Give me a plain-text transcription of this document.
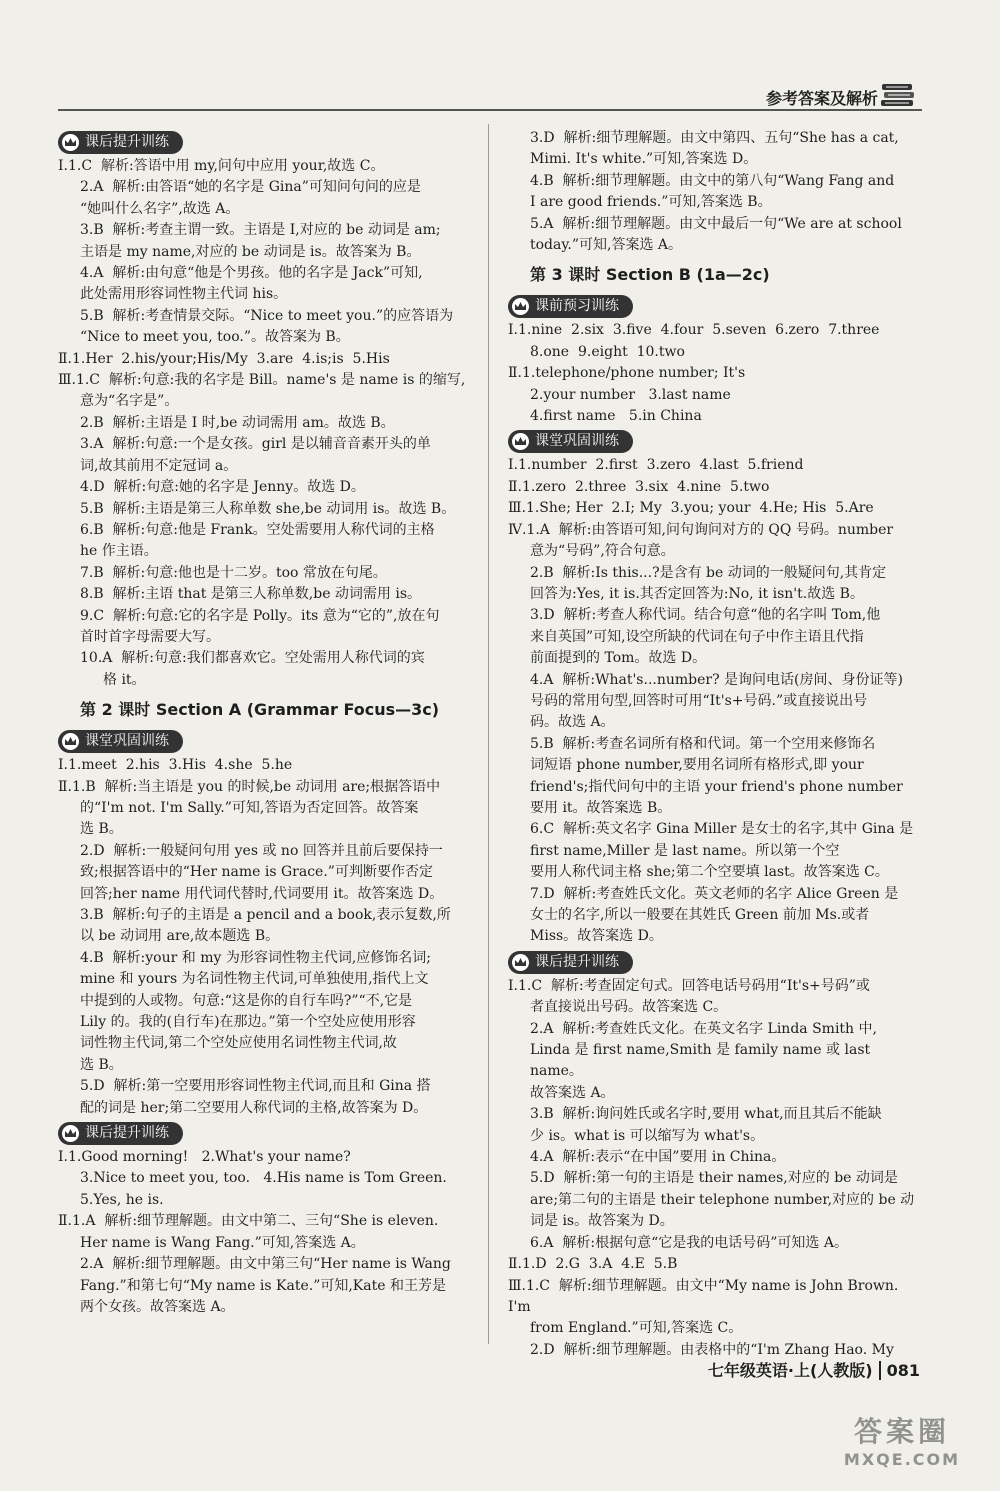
参考答案及解析
课后提升训练

Ⅰ.1.C  解析:答语中用 my,问句中应用 your,故选 C。

2.A  解析:由答语“她的名字是 Gina”可知问句问的应是

“她叫什么名字”,故选 A。

3.B  解析:考查主谓一致。主语是 I,对应的 be 动词是 am;

主语是 my name,对应的 be 动词是 is。故答案为 B。

4.A  解析:由句意“他是个男孩。他的名字是 Jack”可知,

此处需用形容词性物主代词 his。

5.B  解析:考查情景交际。“Nice to meet you.”的应答语为

“Nice to meet you, too.”。故答案为 B。

Ⅱ.1.Her  2.his/your;His/My  3.are  4.is;is  5.His

Ⅲ.1.C  解析:句意:我的名字是 Bill。name's 是 name is 的缩写,

意为“名字是”。

2.B  解析:主语是 I 时,be 动词需用 am。故选 B。

3.A  解析:句意:一个是女孩。girl 是以辅音音素开头的单

词,故其前用不定冠词 a。

4.D  解析:句意:她的名字是 Jenny。故选 D。

5.B  解析:主语是第三人称单数 she,be 动词用 is。故选 B。

6.B  解析:句意:他是 Frank。空处需要用人称代词的主格

he 作主语。

7.B  解析:句意:他也是十二岁。too 常放在句尾。

8.B  解析:主语 that 是第三人称单数,be 动词需用 is。

9.C  解析:句意:它的名字是 Polly。its 意为“它的”,放在句

首时首字母需要大写。

10.A  解析:句意:我们都喜欢它。空处需用人称代词的宾

格 it。

第 2 课时 Section A (Grammar Focus—3c)
课堂巩固训练

Ⅰ.1.meet  2.his  3.His  4.she  5.he

Ⅱ.1.B  解析:当主语是 you 的时候,be 动词用 are;根据答语中

的“I'm not. I'm Sally.”可知,答语为否定回答。故答案

选 B。

2.D  解析:一般疑问句用 yes 或 no 回答并且前后要保持一

致;根据答语中的“Her name is Grace.”可判断要作否定

回答;her name 用代词代替时,代词要用 it。故答案选 D。

3.B  解析:句子的主语是 a pencil and a book,表示复数,所

以 be 动词用 are,故本题选 B。

4.B  解析:your 和 my 为形容词性物主代词,应修饰名词;

mine 和 yours 为名词性物主代词,可单独使用,指代上文

中提到的人或物。句意:“这是你的自行车吗?”“不,它是

Lily 的。我的(自行车)在那边。”第一个空处应使用形容

词性物主代词,第二个空处应使用名词性物主代词,故

选 B。

5.D  解析:第一空要用形容词性物主代词,而且和 Gina 搭

配的词是 her;第二空要用人称代词的主格,故答案为 D。

课后提升训练

Ⅰ.1.Good morning!   2.What's your name?

3.Nice to meet you, too.   4.His name is Tom Green.

5.Yes, he is.

Ⅱ.1.A  解析:细节理解题。由文中第二、三句“She is eleven.

Her name is Wang Fang.”可知,答案选 A。

2.A  解析:细节理解题。由文中第三句“Her name is Wang

Fang.”和第七句“My name is Kate.”可知,Kate 和王芳是

两个女孩。故答案选 A。

3.D  解析:细节理解题。由文中第四、五句“She has a cat,

Mimi. It's white.”可知,答案选 D。

4.B  解析:细节理解题。由文中的第八句“Wang Fang and

I are good friends.”可知,答案选 B。

5.A  解析:细节理解题。由文中最后一句“We are at school

today.”可知,答案选 A。

第 3 课时 Section B (1a—2c)
课前预习训练

Ⅰ.1.nine  2.six  3.five  4.four  5.seven  6.zero  7.three

8.one  9.eight  10.two

Ⅱ.1.telephone/phone number; It's

2.your number   3.last name

4.first name   5.in China

课堂巩固训练

Ⅰ.1.number  2.first  3.zero  4.last  5.friend

Ⅱ.1.zero  2.three  3.six  4.nine  5.two

Ⅲ.1.She; Her  2.I; My  3.you; your  4.He; His  5.Are

Ⅳ.1.A  解析:由答语可知,问句询问对方的 QQ 号码。number

意为“号码”,符合句意。

2.B  解析:Is this...?是含有 be 动词的一般疑问句,其肯定

回答为:Yes, it is.其否定回答为:No, it isn't.故选 B。

3.D  解析:考查人称代词。结合句意“他的名字叫 Tom,他

来自英国”可知,设空所缺的代词在句子中作主语且代指

前面提到的 Tom。故选 D。

4.A  解析:What's...number? 是询问电话(房间、身份证等)

号码的常用句型,回答时可用“It's+号码.”或直接说出号

码。故选 A。

5.B  解析:考查名词所有格和代词。第一个空用来修饰名

词短语 phone number,要用名词所有格形式,即 your

friend's;指代问句中的主语 your friend's phone number

要用 it。故答案选 B。

6.C  解析:英文名字 Gina Miller 是女士的名字,其中 Gina 是

first name,Miller 是 last name。所以第一个空

要用人称代词主格 she;第二个空要填 last。故答案选 C。

7.D  解析:考查姓氏文化。英文老师的名字 Alice Green 是

女士的名字,所以一般要在其姓氏 Green 前加 Ms.或者

Miss。故答案选 D。

课后提升训练

Ⅰ.1.C  解析:考查固定句式。回答电话号码用“It's+号码”或

者直接说出号码。故答案选 C。

2.A  解析:考查姓氏文化。在英文名字 Linda Smith 中,

Linda 是 first name,Smith 是 family name 或 last name。

故答案选 A。

3.B  解析:询问姓氏或名字时,要用 what,而且其后不能缺

少 is。what is 可以缩写为 what's。

4.A  解析:表示“在中国”要用 in China。

5.D  解析:第一句的主语是 their names,对应的 be 动词是

are;第二句的主语是 their telephone number,对应的 be 动

词是 is。故答案为 D。

6.A  解析:根据句意“它是我的电话号码”可知选 A。

Ⅱ.1.D  2.G  3.A  4.E  5.B

Ⅲ.1.C  解析:细节理解题。由文中“My name is John Brown. I'm

from England.”可知,答案选 C。

2.D  解析:细节理解题。由表格中的“I'm Zhang Hao. My

七年级英语·上(人教版) 081
答案圈
MXQE.COM
